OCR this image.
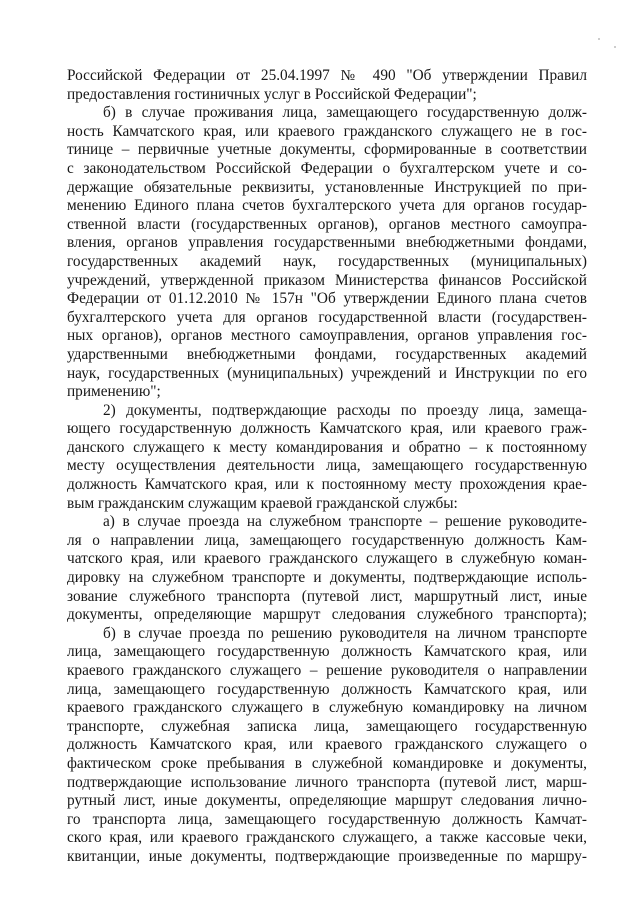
Российской Федерации от 25.04.1997 № 490 "Об утверждении Правил
предоставления гостиничных услуг в Российской Федерации";
б) в случае проживания лица, замещающего государственную долж-
ность Камчатского края, или краевого гражданского служащего не в гос-
тинице – первичные учетные документы, сформированные в соответствии
с законодательством Российской Федерации о бухгалтерском учете и со-
держащие обязательные реквизиты, установленные Инструкцией по при-
менению Единого плана счетов бухгалтерского учета для органов государ-
ственной власти (государственных органов), органов местного самоупра-
вления, органов управления государственными внебюджетными фондами,
государственных академий наук, государственных (муниципальных)
учреждений, утвержденной приказом Министерства финансов Российской
Федерации от 01.12.2010 № 157н "Об утверждении Единого плана счетов
бухгалтерского учета для органов государственной власти (государствен-
ных органов), органов местного самоуправления, органов управления гос-
ударственными внебюджетными фондами, государственных академий
наук, государственных (муниципальных) учреждений и Инструкции по его
применению";
2) документы, подтверждающие расходы по проезду лица, замеща-
ющего государственную должность Камчатского края, или краевого граж-
данского служащего к месту командирования и обратно – к постоянному
месту осуществления деятельности лица, замещающего государственную
должность Камчатского края, или к постоянному месту прохождения крае-
вым гражданским служащим краевой гражданской службы:
а) в случае проезда на служебном транспорте – решение руководите-
ля о направлении лица, замещающего государственную должность Кам-
чатского края, или краевого гражданского служащего в служебную коман-
дировку на служебном транспорте и документы, подтверждающие исполь-
зование служебного транспорта (путевой лист, маршрутный лист, иные
документы, определяющие маршрут следования служебного транспорта);
б) в случае проезда по решению руководителя на личном транспорте
лица, замещающего государственную должность Камчатского края, или
краевого гражданского служащего – решение руководителя о направлении
лица, замещающего государственную должность Камчатского края, или
краевого гражданского служащего в служебную командировку на личном
транспорте, служебная записка лица, замещающего государственную
должность Камчатского края, или краевого гражданского служащего о
фактическом сроке пребывания в служебной командировке и документы,
подтверждающие использование личного транспорта (путевой лист, марш-
рутный лист, иные документы, определяющие маршрут следования лично-
го транспорта лица, замещающего государственную должность Камчат-
ского края, или краевого гражданского служащего, а также кассовые чеки,
квитанции, иные документы, подтверждающие произведенные по маршру-
